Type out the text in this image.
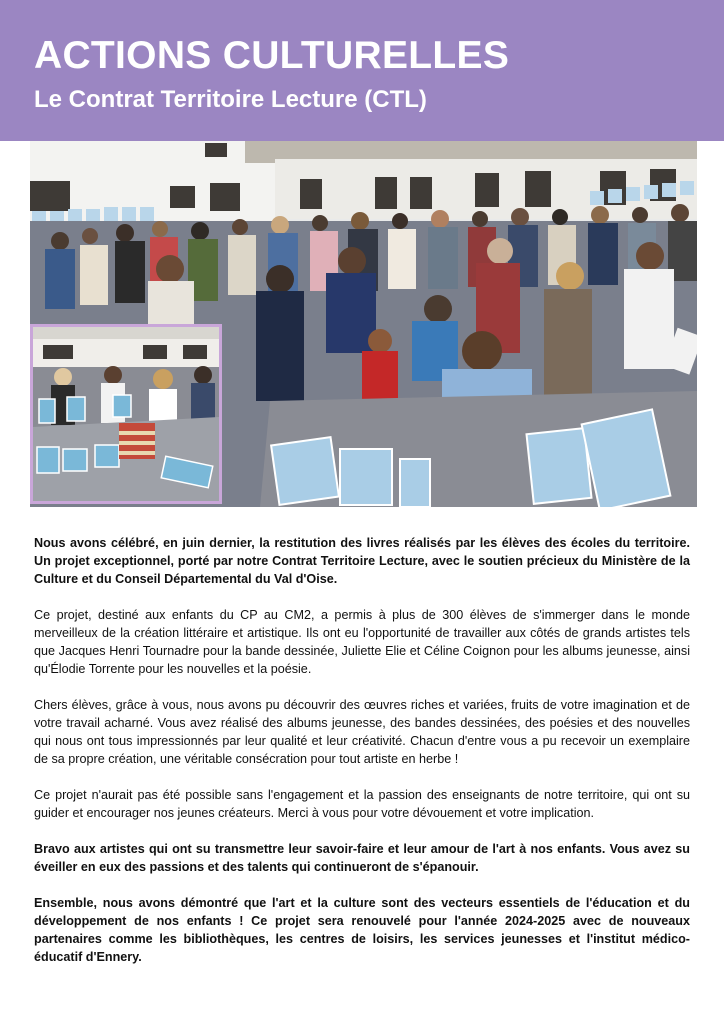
ACTIONS CULTURELLES
Le Contrat Territoire Lecture (CTL)

Nous avons célébré, en juin dernier, la restitution des livres réalisés par les élèves des écoles du territoire. Un projet exceptionnel, porté par notre Contrat Territoire Lecture, avec le soutien précieux du Ministère de la Culture et du Conseil Départemental du Val d'Oise.

Ce projet, destiné aux enfants du CP au CM2, a permis à plus de 300 élèves de s'immerger dans le monde merveilleux de la création littéraire et artistique. Ils ont eu l'opportunité de travailler aux côtés de grands artistes tels que Jacques Henri Tournadre pour la bande dessinée, Juliette Elie et Céline Coignon pour les albums jeunesse, ainsi qu'Élodie Torrente pour les nouvelles et la poésie.

Chers élèves, grâce à vous, nous avons pu découvrir des œuvres riches et variées, fruits de votre imagination et de votre travail acharné. Vous avez réalisé des albums jeunesse, des bandes dessinées, des poésies et des nouvelles qui nous ont tous impressionnés par leur qualité et leur créativité. Chacun d'entre vous a pu recevoir un exemplaire de sa propre création, une véritable consécration pour tout artiste en herbe !

Ce projet n'aurait pas été possible sans l'engagement et la passion des enseignants de notre territoire, qui ont su guider et encourager nos jeunes créateurs. Merci à vous pour votre dévouement et votre implication.

Bravo aux artistes qui ont su transmettre leur savoir-faire et leur amour de l'art à nos enfants. Vous avez su éveiller en eux des passions et des talents qui continueront de s'épanouir.

Ensemble, nous avons démontré que l'art et la culture sont des vecteurs essentiels de l'éducation et du développement de nos enfants ! Ce projet sera renouvelé pour l'année 2024-2025 avec de nouveaux partenaires comme les bibliothèques, les centres de loisirs, les services jeunesses et l'institut médico-éducatif d'Ennery.
